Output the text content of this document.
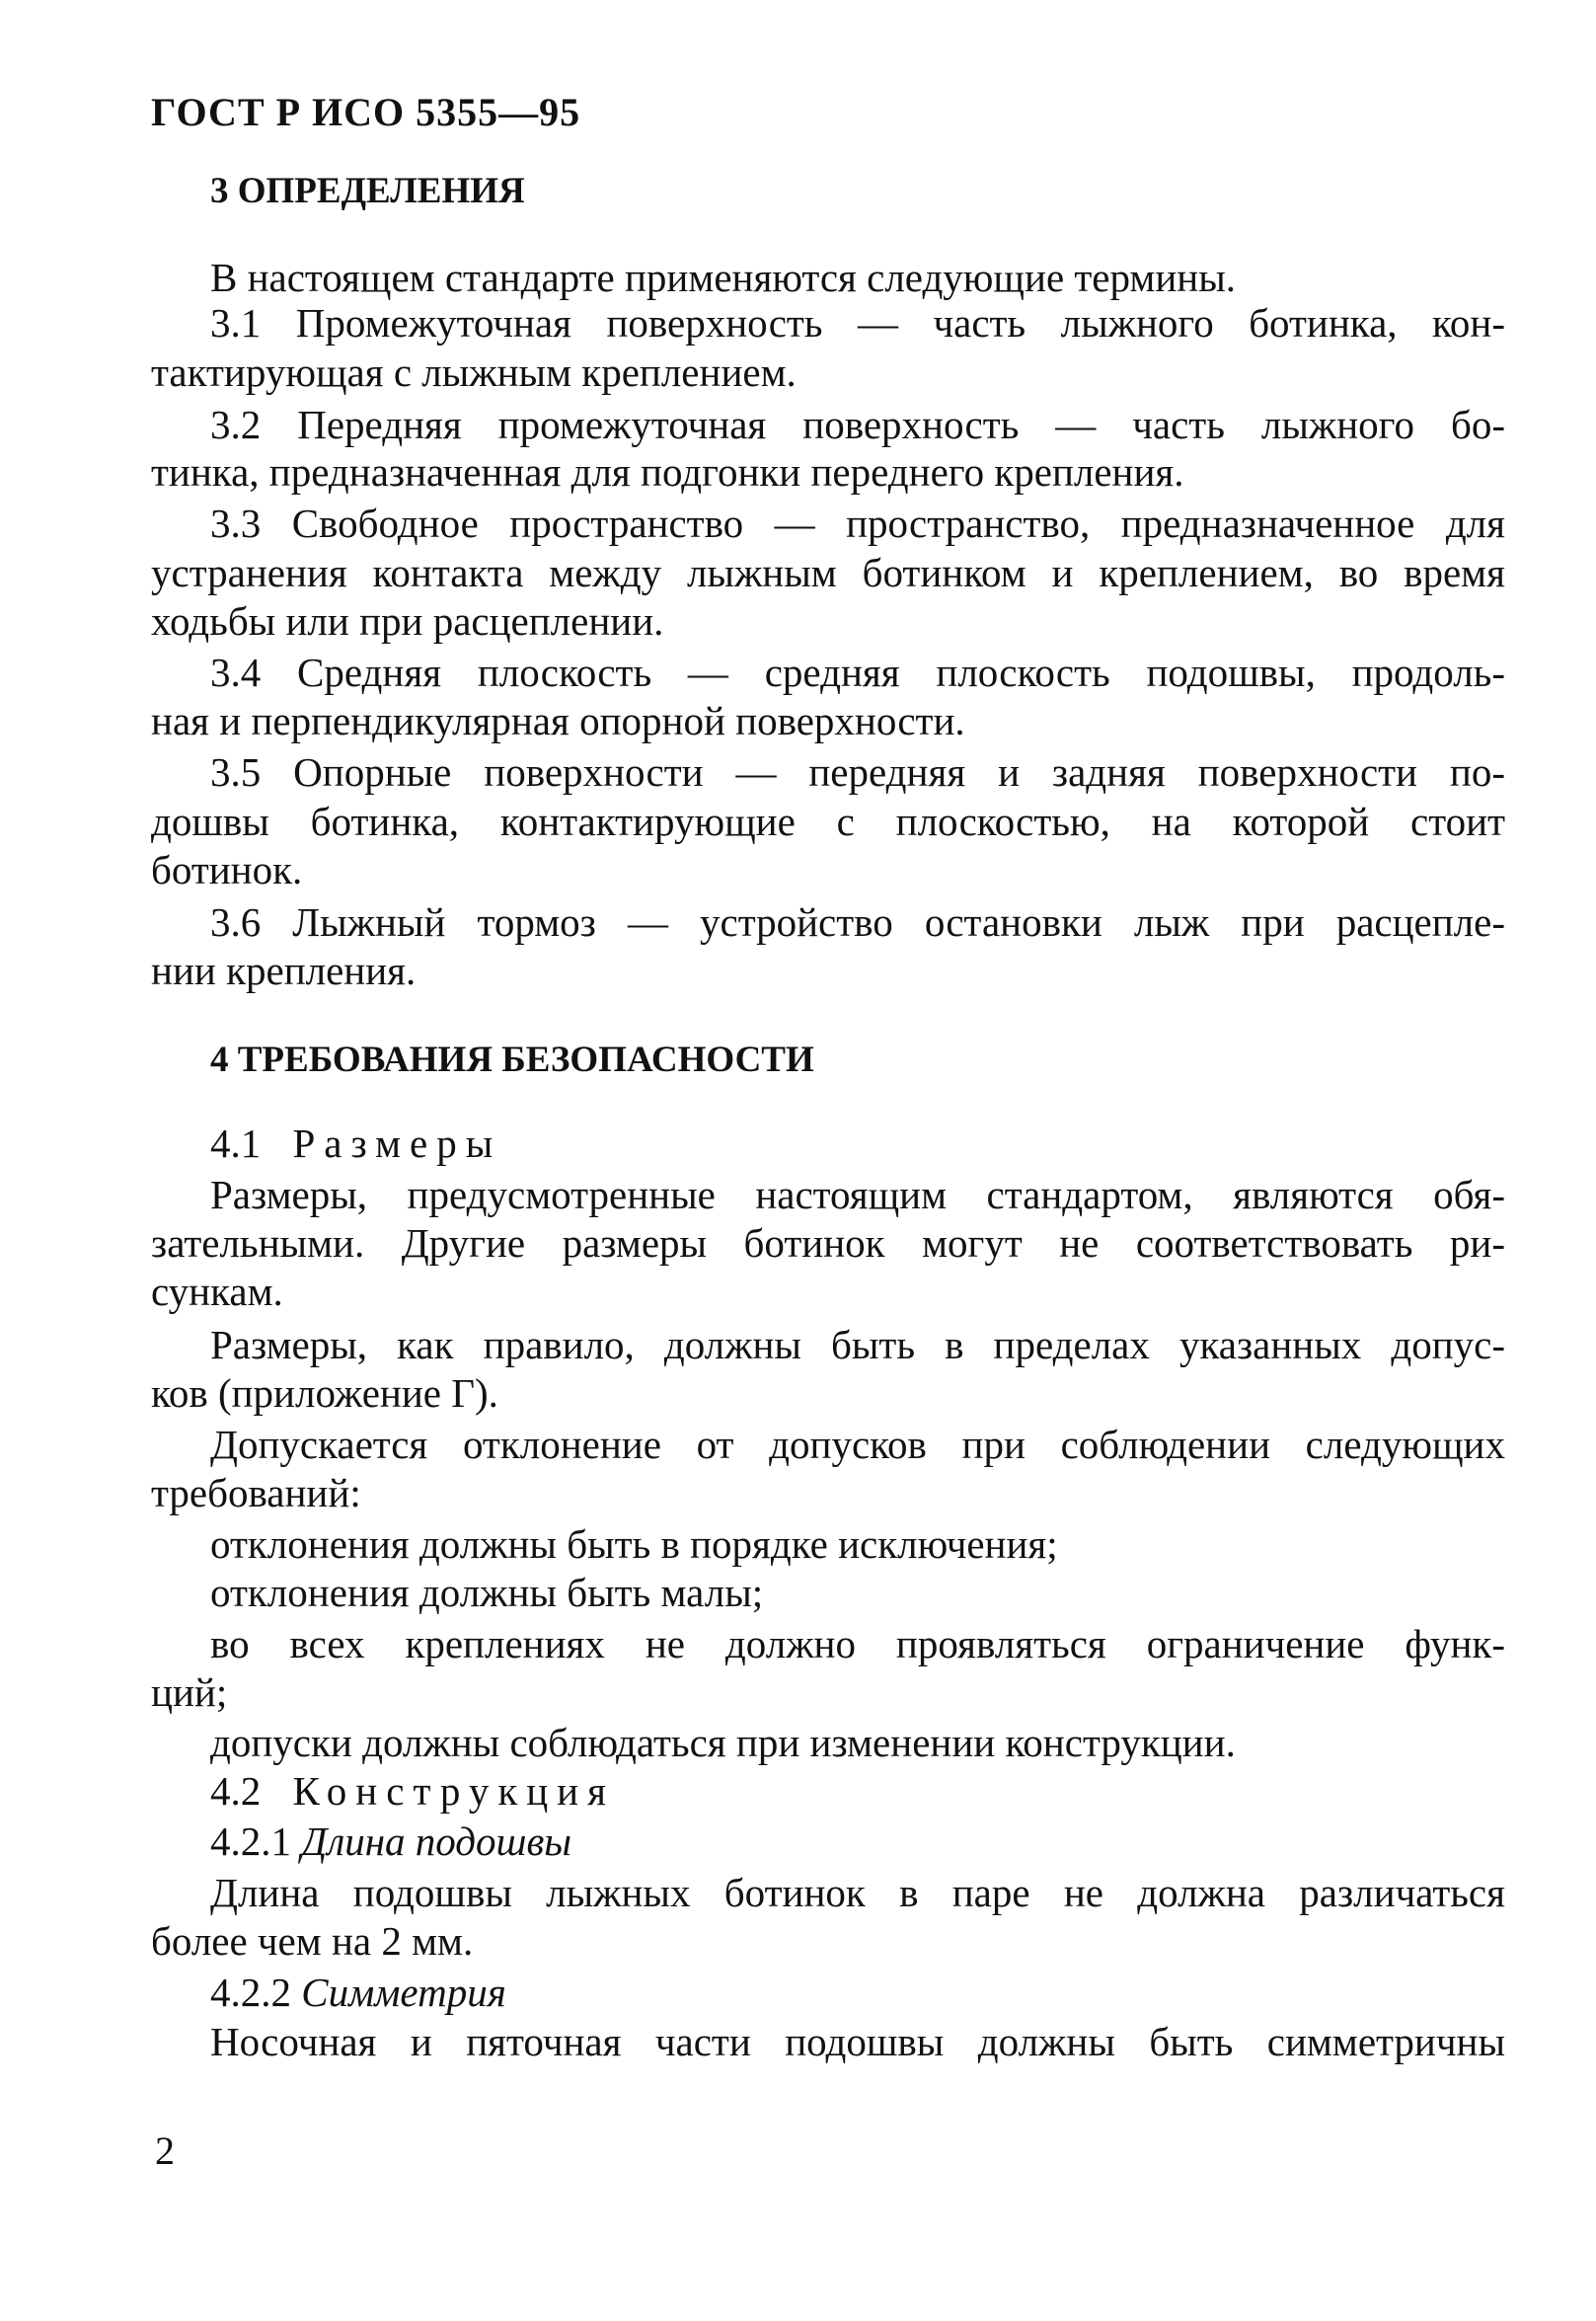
ГОСТ Р ИСО 5355—95
3 ОПРЕДЕЛЕНИЯ
В настоящем стандарте применяются следующие термины.
3.1 Промежуточная поверхность — часть лыжного ботинка, кон-
тактирующая с лыжным креплением.
3.2 Передняя промежуточная поверхность — часть лыжного бо-
тинка, предназначенная для подгонки переднего крепления.
3.3 Свободное пространство — пространство, предназначенное для
устранения контакта между лыжным ботинком и креплением, во время
ходьбы или при расцеплении.
3.4 Средняя плоскость — средняя плоскость подошвы, продоль-
ная и перпендикулярная опорной поверхности.
3.5 Опорные поверхности — передняя и задняя поверхности по-
дошвы ботинка, контактирующие с плоскостью, на которой стоит
ботинок.
3.6 Лыжный тормоз — устройство остановки лыж при расцепле-
нии крепления.
4 ТРЕБОВАНИЯ БЕЗОПАСНОСТИ
4.1 Размеры
Размеры, предусмотренные настоящим стандартом, являются обя-
зательными. Другие размеры ботинок могут не соответствовать ри-
сункам.
Размеры, как правило, должны быть в пределах указанных допус-
ков (приложение Г).
Допускается отклонение от допусков при соблюдении следующих
требований:
отклонения должны быть в порядке исключения;
отклонения должны быть малы;
во всех креплениях не должно проявляться ограничение функ-
ций;
допуски должны соблюдаться при изменении конструкции.
4.2 Конструкция
4.2.1 Длина подошвы
Длина подошвы лыжных ботинок в паре не должна различаться
более чем на 2 мм.
4.2.2 Симметрия
Носочная и пяточная части подошвы должны быть симметричны
2
